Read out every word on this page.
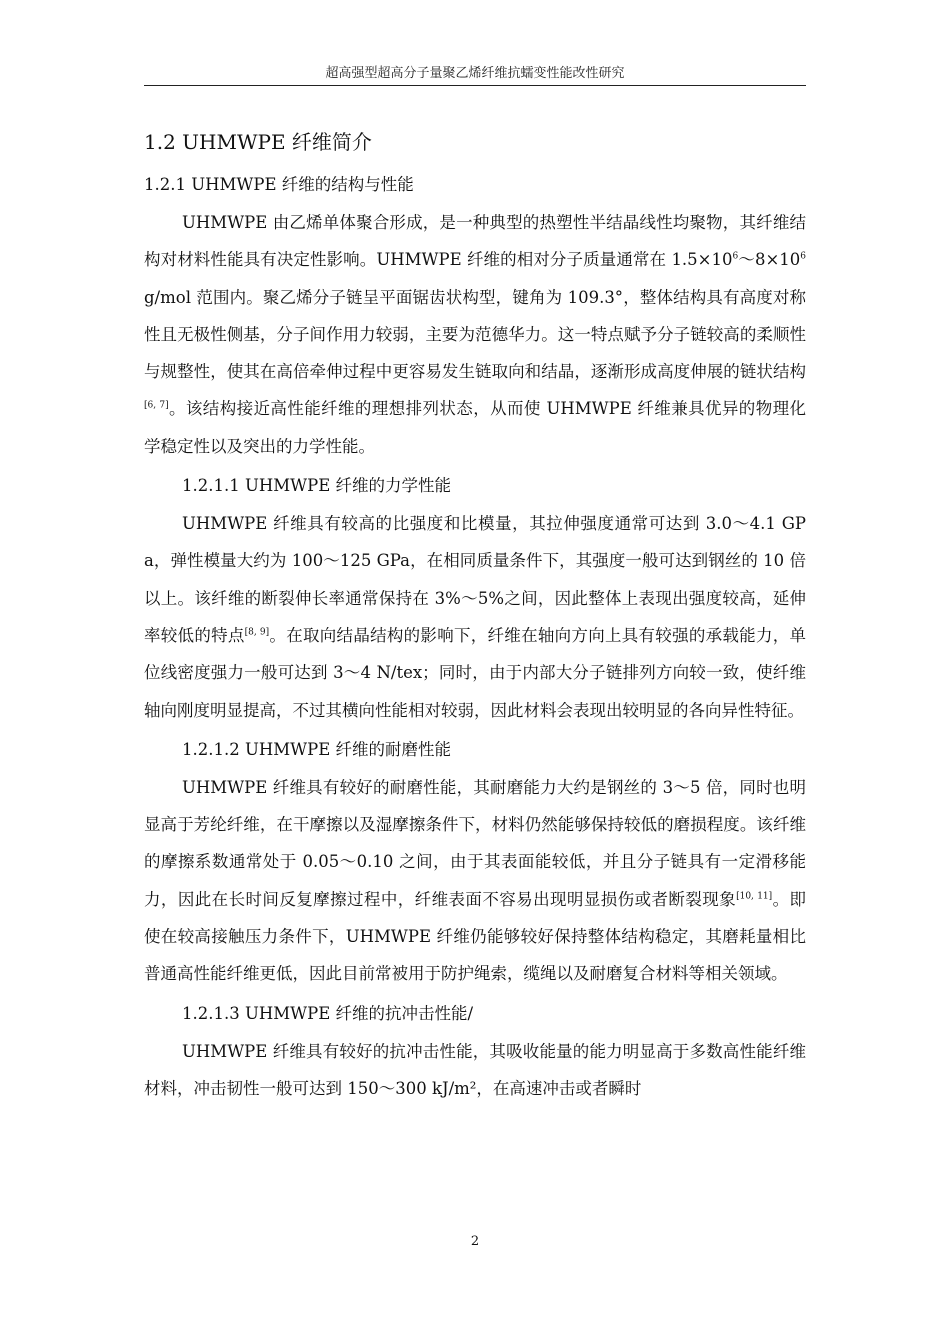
超高强型超高分子量聚乙烯纤维抗蠕变性能改性研究
1.2 UHMWPE 纤维简介
1.2.1 UHMWPE 纤维的结构与性能

UHMWPE 由乙烯单体聚合形成，是一种典型的热塑性半结晶线性均聚物，其纤维结构对材料性能具有决定性影响。UHMWPE 纤维的相对分子质量通常在 $1.5\times 10^6\sim 8\times 10^6$ g/mol 范围内。聚乙烯分子链呈平面锯齿状构型，键角为 109.3°，整体结构具有高度对称性且无极性侧基，分子间作用力较弱，主要为范德华力。这一特点赋予分子链较高的柔顺性与规整性，使其在高倍牵伸过程中更容易发生链取向和结晶，逐渐形成高度伸展的链状结构[6, 7]。该结构接近高性能纤维的理想排列状态，从而使 UHMWPE 纤维兼具优异的物理化学稳定性以及突出的力学性能。

1.2.1.1 UHMWPE 纤维的力学性能

UHMWPE 纤维具有较高的比强度和比模量，其拉伸强度通常可达到 3.0～4.1 GPa，弹性模量大约为 100～125 GPa，在相同质量条件下，其强度一般可达到钢丝的 10 倍以上。该纤维的断裂伸长率通常保持在 3%～5%之间，因此整体上表现出强度较高，延伸率较低的特点[8, 9]。在取向结晶结构的影响下，纤维在轴向方向上具有较强的承载能力，单位线密度强力一般可达到 3～4 N/tex；同时，由于内部大分子链排列方向较一致，使纤维轴向刚度明显提高，不过其横向性能相对较弱，因此材料会表现出较明显的各向异性特征。

1.2.1.2 UHMWPE 纤维的耐磨性能

UHMWPE 纤维具有较好的耐磨性能，其耐磨能力大约是钢丝的 3～5 倍，同时也明显高于芳纶纤维，在干摩擦以及湿摩擦条件下，材料仍然能够保持较低的磨损程度。该纤维的摩擦系数通常处于 0.05～0.10 之间，由于其表面能较低，并且分子链具有一定滑移能力，因此在长时间反复摩擦过程中，纤维表面不容易出现明显损伤或者断裂现象[10, 11]。即使在较高接触压力条件下，UHMWPE 纤维仍能够较好保持整体结构稳定，其磨耗量相比普通高性能纤维更低，因此目前常被用于防护绳索，缆绳以及耐磨复合材料等相关领域。

1.2.1.3 UHMWPE 纤维的抗冲击性能/

UHMWPE 纤维具有较好的抗冲击性能，其吸收能量的能力明显高于多数高性能纤维材料，冲击韧性一般可达到 150～300 kJ/m²，在高速冲击或者瞬时

2
